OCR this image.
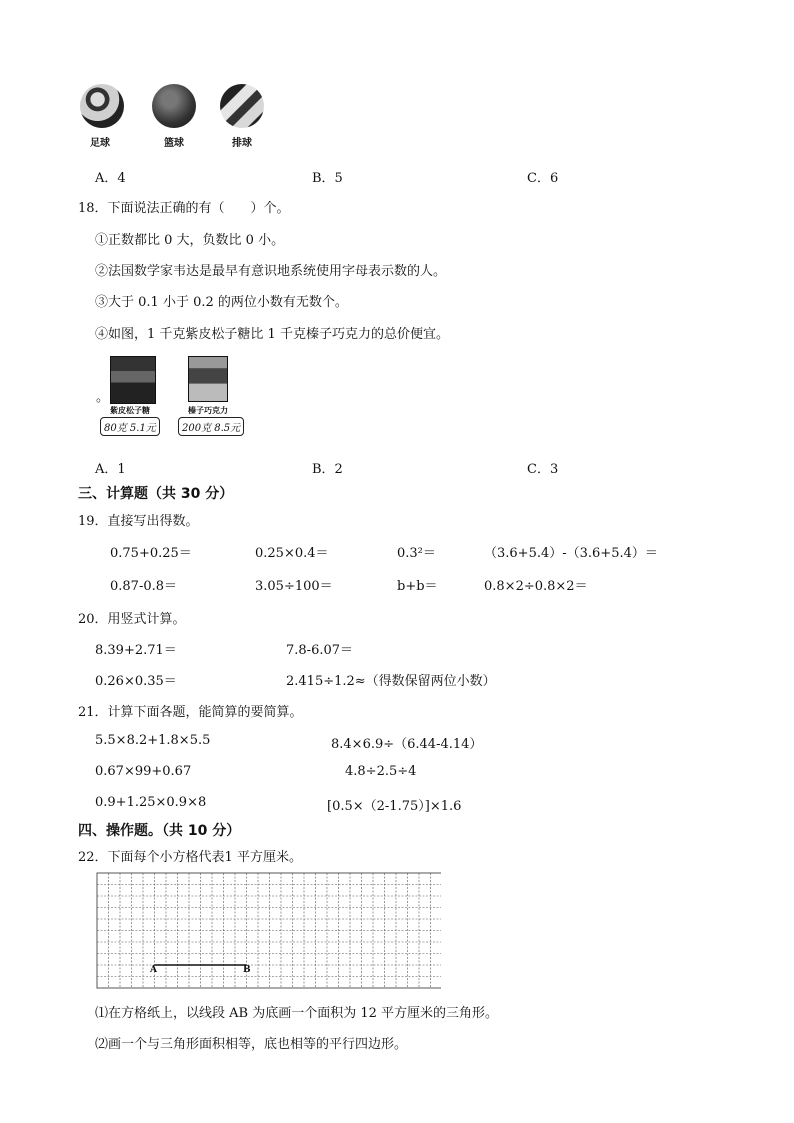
足球	篮球	排球
A．4	B．5	C．6
18．下面说法正确的有（　　）个。
①正数都比 0 大，负数比 0 小。
②法国数学家韦达是最早有意识地系统使用字母表示数的人。
③大于 0.1 小于 0.2 的两位小数有无数个。
④如图，1 千克紫皮松子糖比 1 千克榛子巧克力的总价便宜。
。
紫皮松子糖
80克 5.1元
榛子巧克力
200克 8.5元
A．1	B．2	C．3
三、计算题（共 30 分）
19．直接写出得数。
0.75+0.25＝	0.25×0.4＝	0.3²＝	（3.6+5.4）-（3.6+5.4）＝
0.87-0.8＝	3.05÷100＝	b+b＝	0.8×2÷0.8×2＝
20．用竖式计算。
8.39+2.71＝	7.8-6.07＝
0.26×0.35＝	2.415÷1.2≈（得数保留两位小数）
21．计算下面各题，能简算的要简算。
5.5×8.2+1.8×5.5	8.4×6.9÷（6.44-4.14）
0.67×99+0.67	4.8÷2.5÷4
0.9+1.25×0.9×8	[0.5×（2-1.75）]×1.6
四、操作题。（共 10 分）
22．下面每个小方格代表1 平方厘米。
A	B
⑴在方格纸上，以线段 AB 为底画一个面积为 12 平方厘米的三角形。
⑵画一个与三角形面积相等，底也相等的平行四边形。
